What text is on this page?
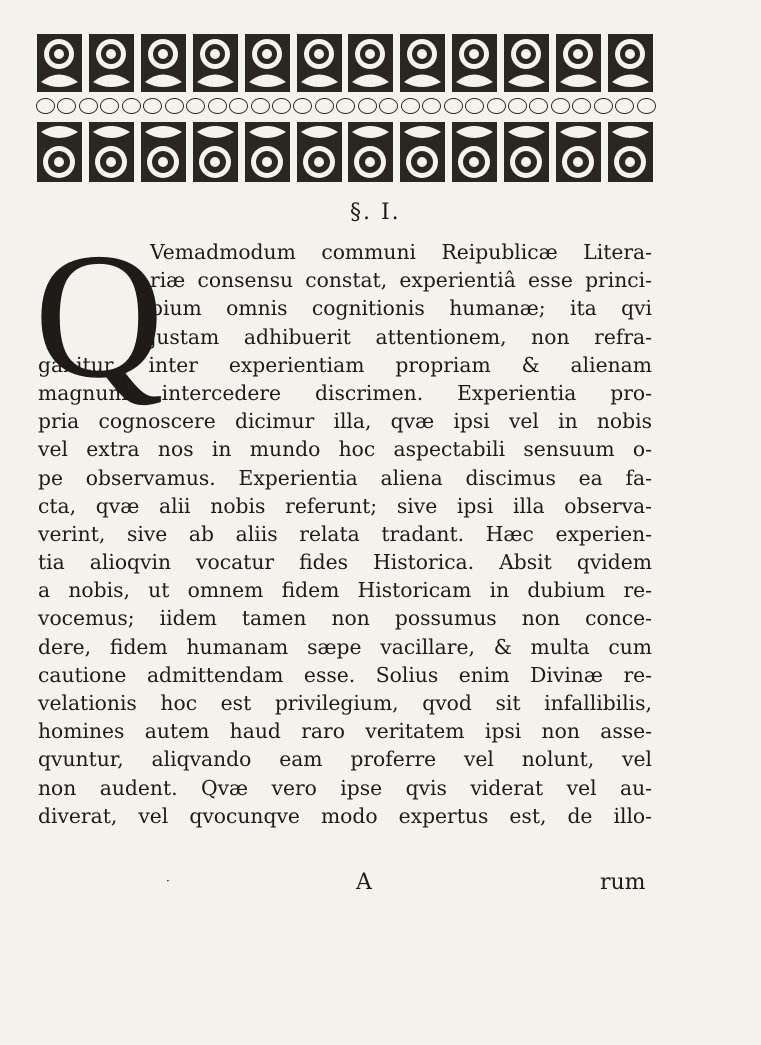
§. I.
Q
Vemadmodum communi Reipublicæ Litera-
riæ consensu constat, experientiâ esse princi-
pium omnis cognitionis humanæ; ita qvi
justam adhibuerit attentionem, non refra-
gabitur, inter experientiam propriam & alienam
magnum intercedere discrimen. Experientia pro-
pria cognoscere dicimur illa, qvæ ipsi vel in nobis
vel extra nos in mundo hoc aspectabili sensuum o-
pe observamus. Experientia aliena discimus ea fa-
cta, qvæ alii nobis referunt; sive ipsi illa observa-
verint, sive ab aliis relata tradant. Hæc experien-
tia alioqvin vocatur fides Historica. Absit qvidem
a nobis, ut omnem fidem Historicam in dubium re-
vocemus; iidem tamen non possumus non conce-
dere, fidem humanam sæpe vacillare, & multa cum
cautione admittendam esse. Solius enim Divinæ re-
velationis hoc est privilegium, qvod sit infallibilis,
homines autem haud raro veritatem ipsi non asse-
qvuntur, aliqvando eam proferre vel nolunt, vel
non audent. Qvæ vero ipse qvis viderat vel au-
diverat, vel qvocunqve modo expertus est, de illo-
·	A	rum
